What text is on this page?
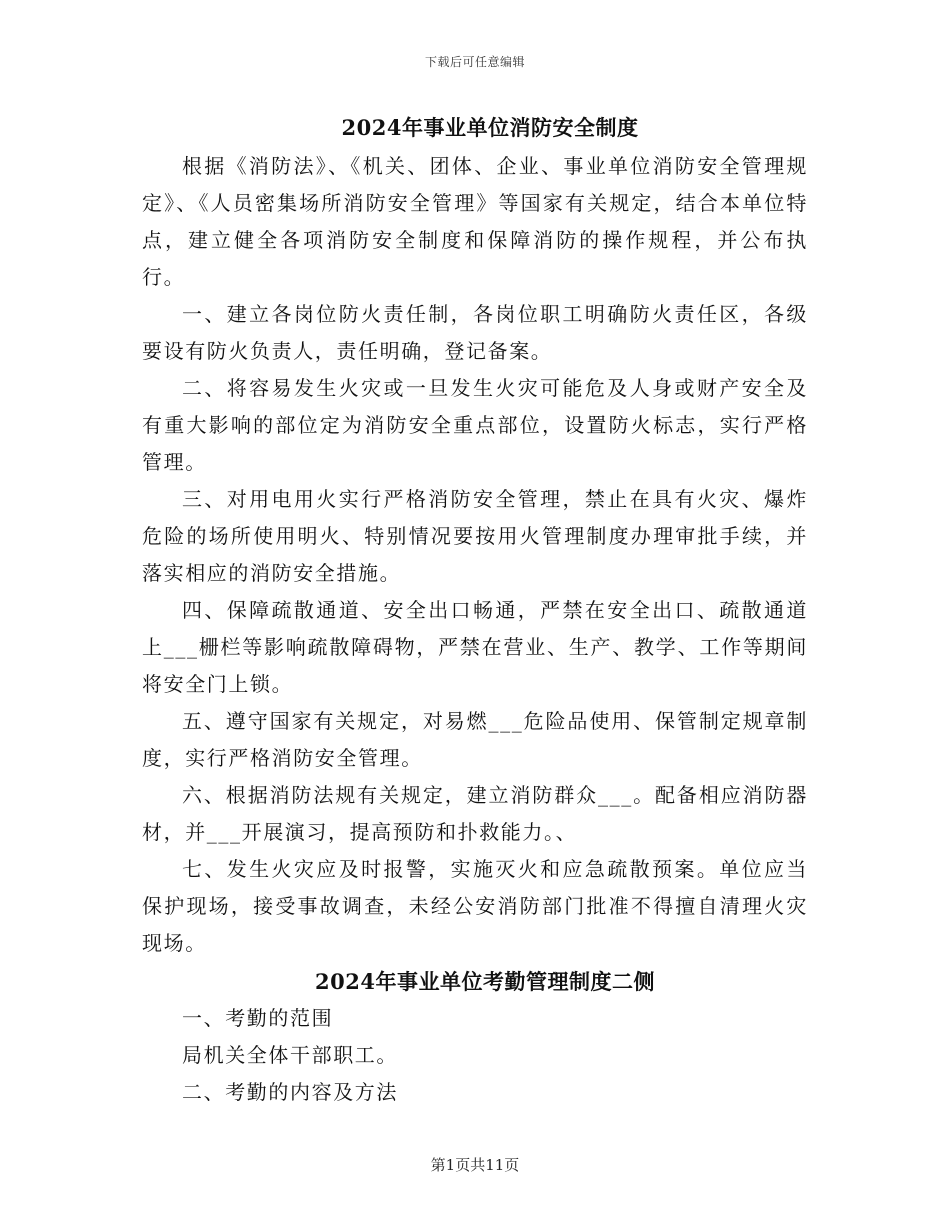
下载后可任意编辑
2024年事业单位消防安全制度

根据《消防法》、《机关、团体、企业、事业单位消防安全管理规定》、《人员密集场所消防安全管理》等国家有关规定，结合本单位特点，建立健全各项消防安全制度和保障消防的操作规程，并公布执行。

一、建立各岗位防火责任制，各岗位职工明确防火责任区，各级要设有防火负责人，责任明确，登记备案。

二、将容易发生火灾或一旦发生火灾可能危及人身或财产安全及有重大影响的部位定为消防安全重点部位，设置防火标志，实行严格管理。

三、对用电用火实行严格消防安全管理，禁止在具有火灾、爆炸危险的场所使用明火、特别情况要按用火管理制度办理审批手续，并落实相应的消防安全措施。

四、保障疏散通道、安全出口畅通，严禁在安全出口、疏散通道上___栅栏等影响疏散障碍物，严禁在营业、生产、教学、工作等期间将安全门上锁。

五、遵守国家有关规定，对易燃___危险品使用、保管制定规章制度，实行严格消防安全管理。

六、根据消防法规有关规定，建立消防群众___。配备相应消防器材，并___开展演习，提高预防和扑救能力。、

七、发生火灾应及时报警，实施灭火和应急疏散预案。单位应当保护现场，接受事故调查，未经公安消防部门批准不得擅自清理火灾现场。

2024年事业单位考勤管理制度二侧

一、考勤的范围

局机关全体干部职工。

二、考勤的内容及方法

第1页共11页
